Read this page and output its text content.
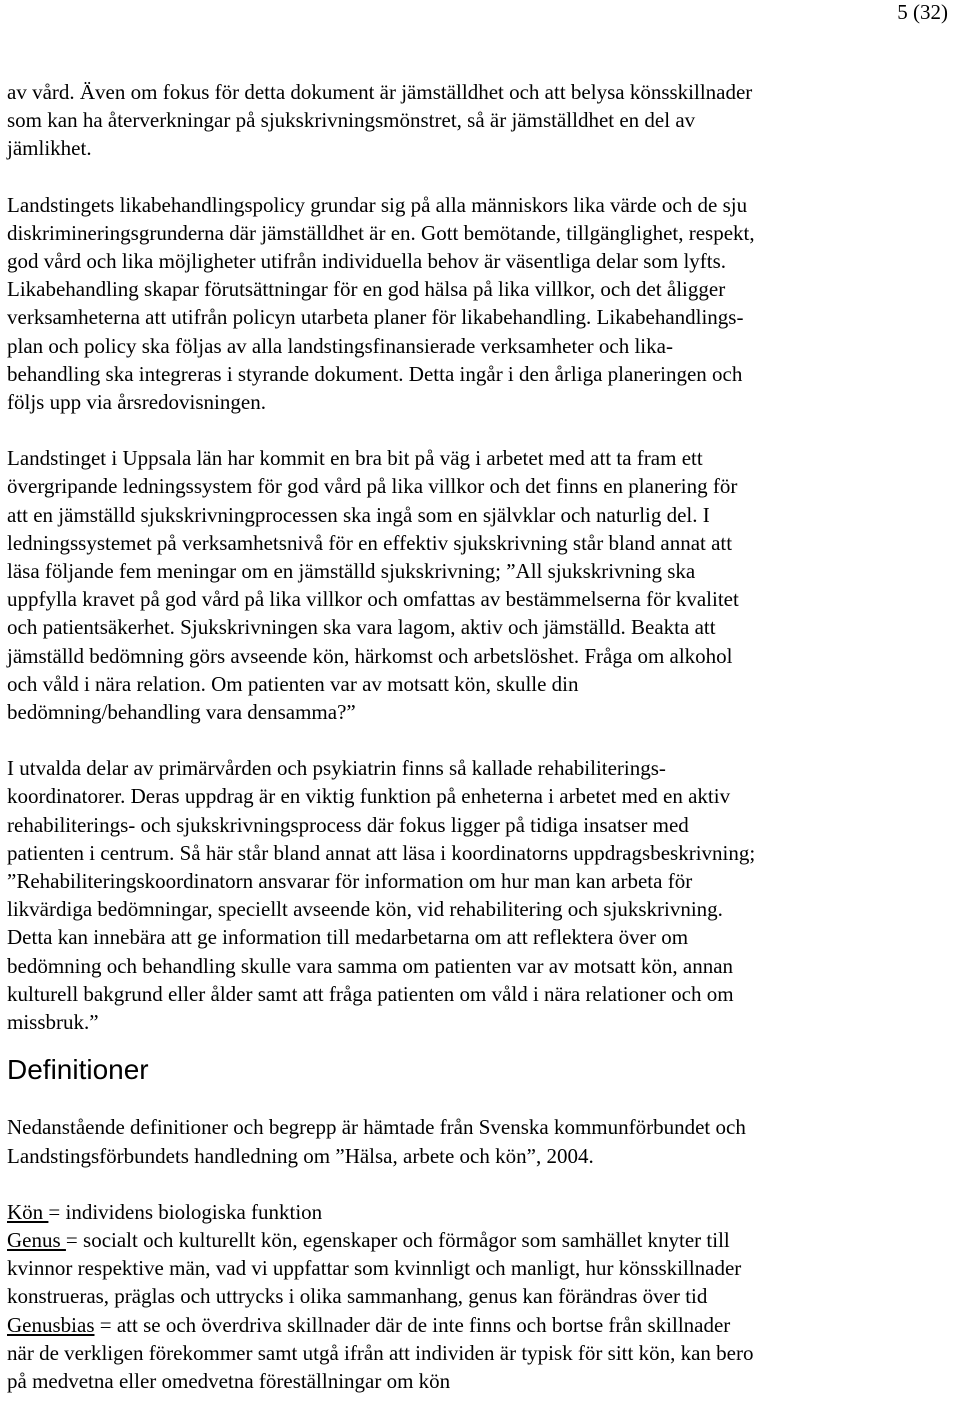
5 (32)

av vård. Även om fokus för detta dokument är jämställdhet och att belysa könsskillnader

som kan ha återverkningar på sjukskrivningsmönstret, så är jämställdhet en del av

jämlikhet.

Landstingets likabehandlingspolicy grundar sig på alla människors lika värde och de sju

diskrimineringsgrunderna där jämställdhet är en. Gott bemötande, tillgänglighet, respekt,

god vård och lika möjligheter utifrån individuella behov är väsentliga delar som lyfts.

Likabehandling skapar förutsättningar för en god hälsa på lika villkor, och det åligger

verksamheterna att utifrån policyn utarbeta planer för likabehandling. Likabehandlings-

plan och policy ska följas av alla landstingsfinansierade verksamheter och lika-

behandling ska integreras i styrande dokument. Detta ingår i den årliga planeringen och

följs upp via årsredovisningen.

Landstinget i Uppsala län har kommit en bra bit på väg i arbetet med att ta fram ett

övergripande ledningssystem för god vård på lika villkor och det finns en planering för

att en jämställd sjukskrivningprocessen ska ingå som en självklar och naturlig del. I

ledningssystemet på verksamhetsnivå för en effektiv sjukskrivning står bland annat att

läsa följande fem meningar om en jämställd sjukskrivning; ”All sjukskrivning ska

uppfylla kravet på god vård på lika villkor och omfattas av bestämmelserna för kvalitet

och patientsäkerhet. Sjukskrivningen ska vara lagom, aktiv och jämställd. Beakta att

jämställd bedömning görs avseende kön, härkomst och arbetslöshet. Fråga om alkohol

och våld i nära relation. Om patienten var av motsatt kön, skulle din

bedömning/behandling vara densamma?”

I utvalda delar av primärvården och psykiatrin finns så kallade rehabiliterings-

koordinatorer. Deras uppdrag är en viktig funktion på enheterna i arbetet med en aktiv

rehabiliterings- och sjukskrivningsprocess där fokus ligger på tidiga insatser med

patienten i centrum. Så här står bland annat att läsa i koordinatorns uppdragsbeskrivning;

”Rehabiliteringskoordinatorn ansvarar för information om hur man kan arbeta för

likvärdiga bedömningar, speciellt avseende kön, vid rehabilitering och sjukskrivning.

Detta kan innebära att ge information till medarbetarna om att reflektera över om

bedömning och behandling skulle vara samma om patienten var av motsatt kön, annan

kulturell bakgrund eller ålder samt att fråga patienten om våld i nära relationer och om

missbruk.”

Definitioner

Nedanstående definitioner och begrepp är hämtade från Svenska kommunförbundet och

Landstingsförbundets handledning om ”Hälsa, arbete och kön”, 2004.

Kön = individens biologiska funktion

Genus = socialt och kulturellt kön, egenskaper och förmågor som samhället knyter till

kvinnor respektive män, vad vi uppfattar som kvinnligt och manligt, hur könsskillnader

konstrueras, präglas och uttrycks i olika sammanhang, genus kan förändras över tid

Genusbias = att se och överdriva skillnader där de inte finns och bortse från skillnader

när de verkligen förekommer samt utgå ifrån att individen är typisk för sitt kön, kan bero

på medvetna eller omedvetna föreställningar om kön
